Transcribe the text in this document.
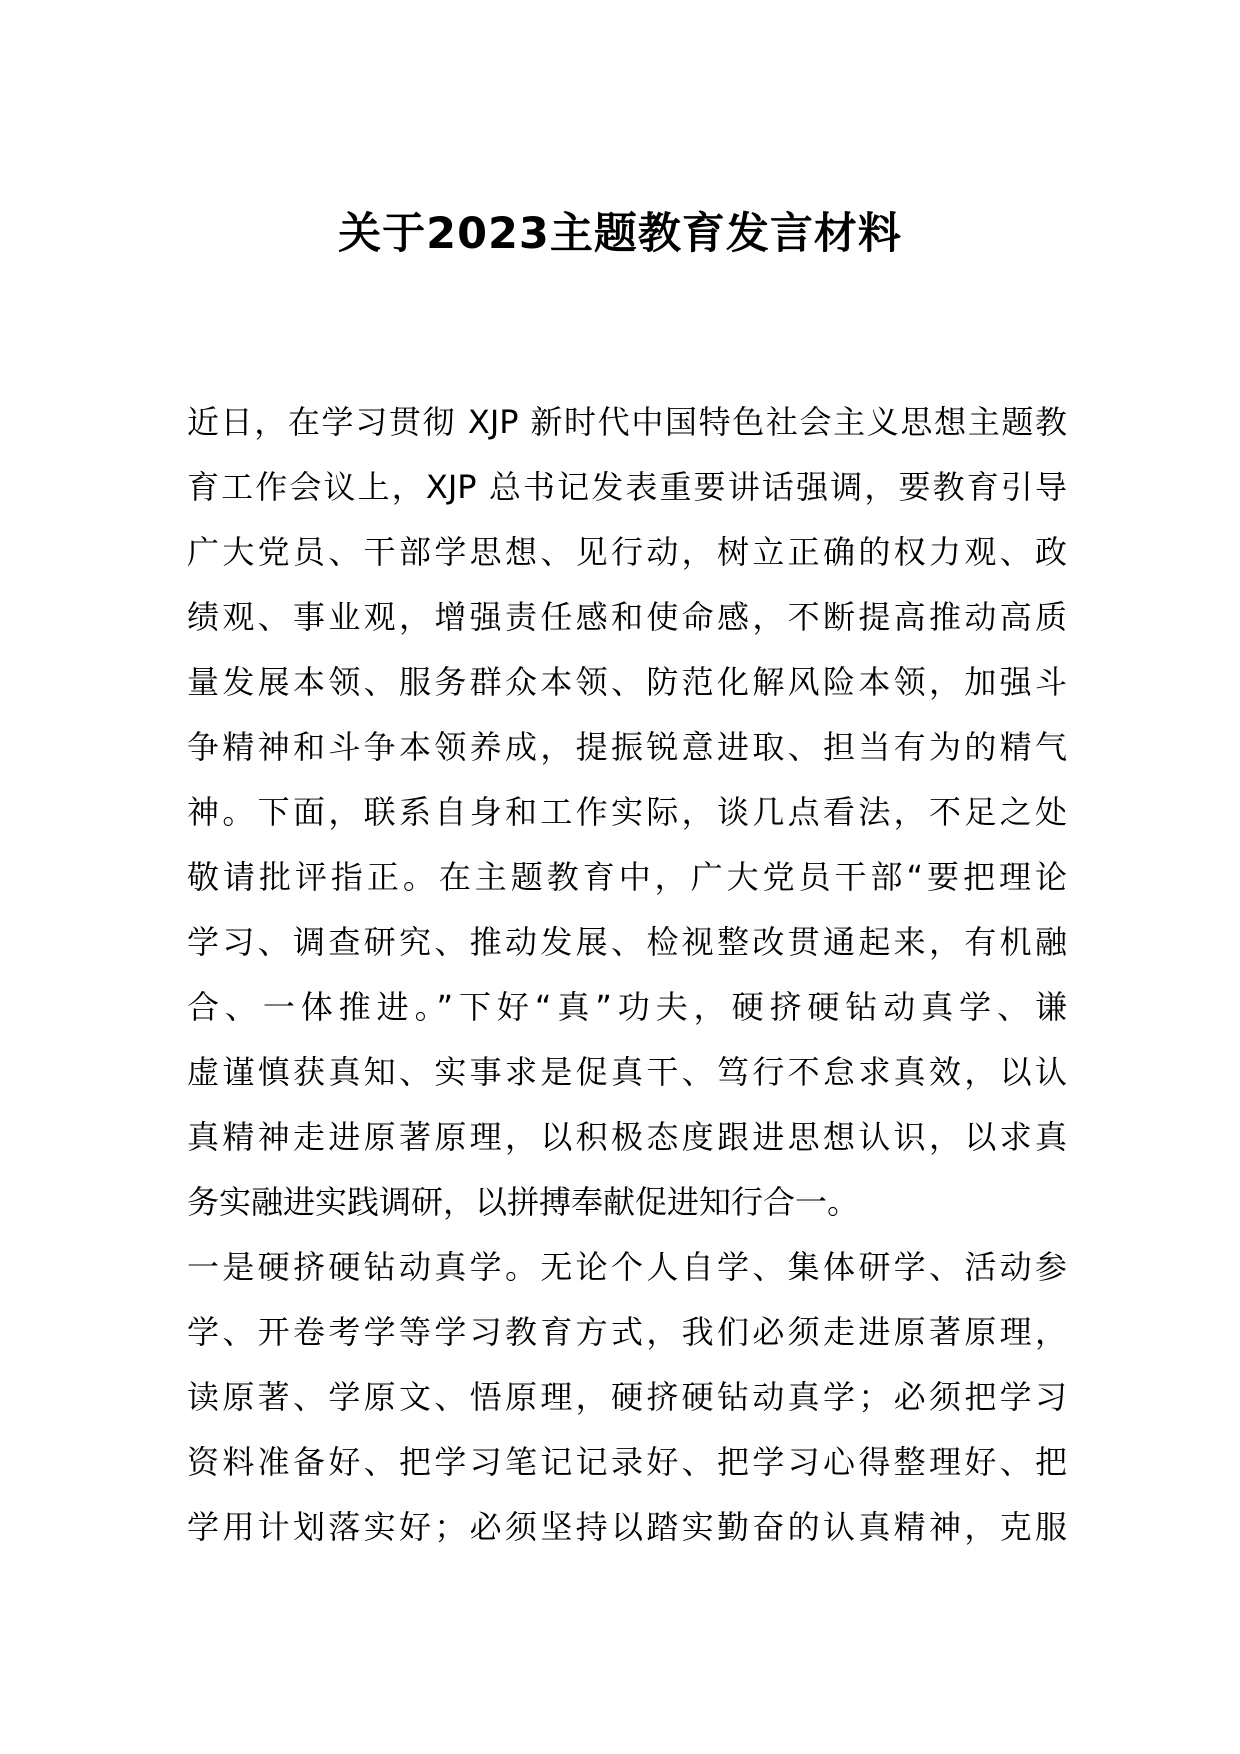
关于2023主题教育发言材料
近日，在学习贯彻 XJP 新时代中国特色社会主义思想主题教
育工作会议上，XJP 总书记发表重要讲话强调，要教育引导
广大党员、干部学思想、见行动，树立正确的权力观、政
绩观、事业观，增强责任感和使命感，不断提高推动高质
量发展本领、服务群众本领、防范化解风险本领，加强斗
争精神和斗争本领养成，提振锐意进取、担当有为的精气
神。下面，联系自身和工作实际，谈几点看法，不足之处
敬请批评指正。在主题教育中，广大党员干部“要把理论
学习、调查研究、推动发展、检视整改贯通起来，有机融
合、一体推进。”下好“真”功夫，硬挤硬钻动真学、谦
虚谨慎获真知、实事求是促真干、笃行不怠求真效，以认
真精神走进原著原理，以积极态度跟进思想认识，以求真
务实融进实践调研，以拼搏奉献促进知行合一。
一是硬挤硬钻动真学。无论个人自学、集体研学、活动参
学、开卷考学等学习教育方式，我们必须走进原著原理，
读原著、学原文、悟原理，硬挤硬钻动真学；必须把学习
资料准备好、把学习笔记记录好、把学习心得整理好、把
学用计划落实好；必须坚持以踏实勤奋的认真精神，克服
